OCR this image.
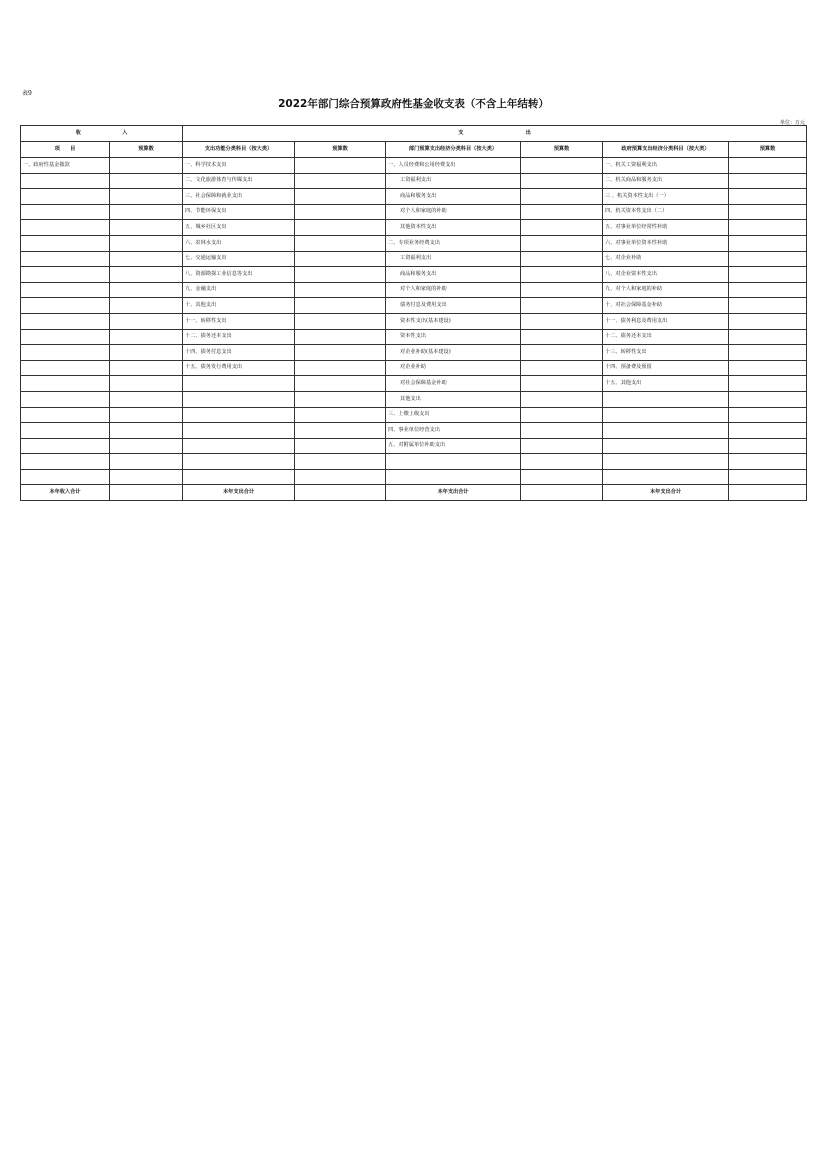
表9
2022年部门综合预算政府性基金收支表（不含上年结转）
单位：万元
收　　　　　　　　入		支　　　　　　　　　　　　出					
项　　目	预算数	支出功能分类科目（按大类）	预算数	部门预算支出经济分类科目（按大类）	预算数	政府预算支出经济分类科目（按大类）	预算数
一、政府性基金拨款		一、科学技术支出		一、人员经费和公用经费支出		一、机关工资福利支出	
		二、文化旅游体育与传媒支出		工资福利支出		二、机关商品和服务支出	
		三、社会保障和就业支出		商品和服务支出		三 、机关资本性支出（一）	
		四、节能环保支出		对个人和家庭的补助		四、机关资本性支出（二）	
		五、城乡社区支出		其他资本性支出		五、对事业单位经常性补助	
		六、农林水支出		二、专项业务经费支出		六、对事业单位资本性补助	
		七、交通运输支出		工资福利支出		七、对企业补助	
		八、资源勘探工业信息等支出		商品和服务支出		八、对企业资本性支出	
		九、金融支出		对个人和家庭的补助		九、对个人和家庭的补助	
		十、其他支出		债务付息及费用支出		十、对社会保障基金补助	
		十一、转移性支出		资本性支出(基本建设)		十一、债务利息及费用支出	
		十二、债务还本支出		资本性支出		十二、债务还本支出	
		十四、债务付息支出		对企业补助(基本建设)		十三、转移性支出	
		十五、债务发行费用支出		对企业补助		十四、预备费及预留	
				对社会保障基金补助		十五、其他支出	
				其他支出			
				三、上缴上级支出			
				四、事业单位经营支出			
				五、对附属单位补助支出			

本年收入合计		本年支出合计		本年支出合计		本年支出合计	
